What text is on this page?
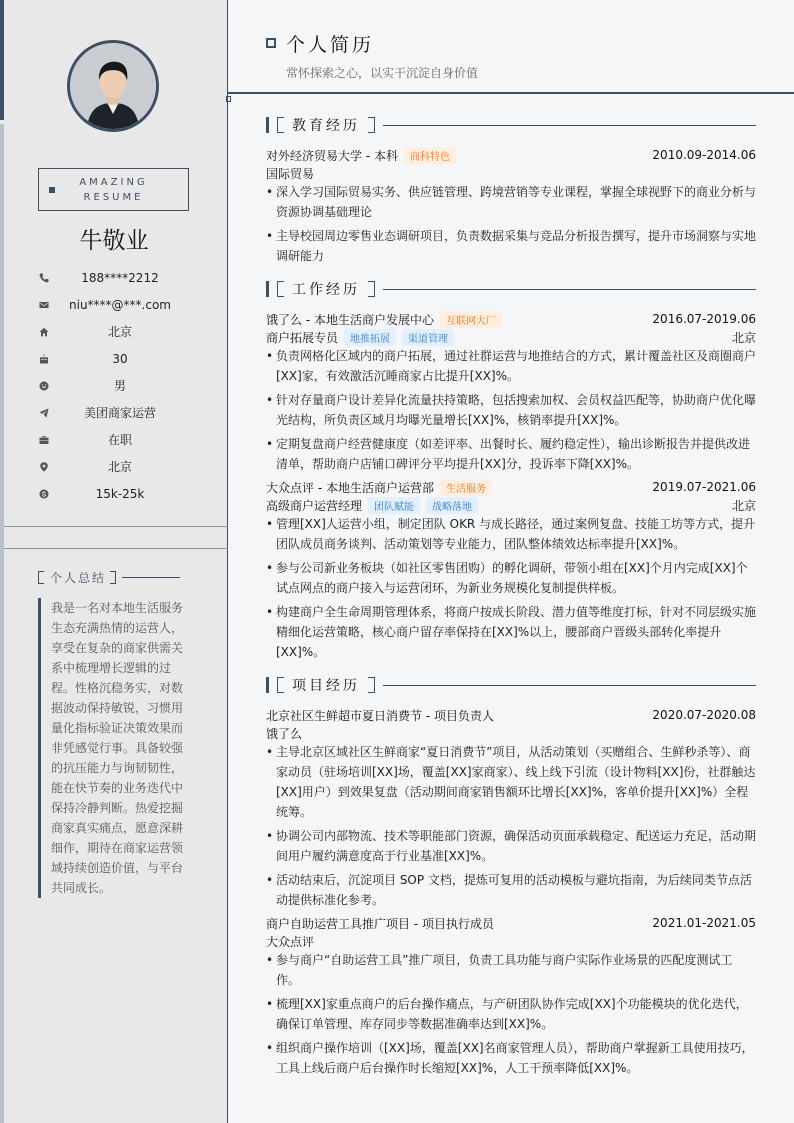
AMAZING
RESUME
牛敬业
188****2212
niu****@***.com
北京
30
男
美团商家运营
在职
北京
15k-25k
个人总结
我是一名对本地生活服务生态充满热情的运营人，享受在复杂的商家供需关系中梳理增长逻辑的过程。性格沉稳务实，对数据波动保持敏锐，习惯用量化指标验证决策效果而非凭感觉行事。具备较强的抗压能力与询韧韧性，能在快节奏的业务迭代中保持冷静判断。热爱挖掘商家真实痛点，愿意深耕细作，期待在商家运营领域持续创造价值，与平台共同成长。
个人简历
常怀探索之心，以实干沉淀自身价值
教育经历
对外经济贸易大学 - 本科	商科特色	2010.09-2014.06
国际贸易
• 深入学习国际贸易实务、供应链管理、跨境营销等专业课程，掌握全球视野下的商业分析与资源协调基础理论
• 主导校园周边零售业态调研项目，负责数据采集与竞品分析报告撰写，提升市场洞察与实地调研能力
工作经历
饿了么 - 本地生活商户发展中心	互联网大厂	2016.07-2019.06
商户拓展专员	地推拓展	渠道管理	北京
• 负责网格化区域内的商户拓展，通过社群运营与地推结合的方式，累计覆盖社区及商圈商户[XX]家，有效激活沉睡商家占比提升[XX]%。
• 针对存量商户设计差异化流量扶持策略，包括搜索加权、会员权益匹配等，协助商户优化曝光结构，所负责区域月均曝光量增长[XX]%，核销率提升[XX]%。
• 定期复盘商户经营健康度（如差评率、出餐时长、履约稳定性），输出诊断报告并提供改进清单，帮助商户店铺口碑评分平均提升[XX]分，投诉率下降[XX]%。
大众点评 - 本地生活商户运营部	生活服务	2019.07-2021.06
高级商户运营经理	团队赋能	战略落地	北京
• 管理[XX]人运营小组，制定团队 OKR 与成长路径，通过案例复盘、技能工坊等方式，提升团队成员商务谈判、活动策划等专业能力，团队整体绩效达标率提升[XX]%。
• 参与公司新业务板块（如社区零售团购）的孵化调研，带领小组在[XX]个月内完成[XX]个试点网点的商户接入与运营闭环，为新业务规模化复制提供样板。
• 构建商户全生命周期管理体系，将商户按成长阶段、潜力值等维度打标，针对不同层级实施精细化运营策略，核心商户留存率保持在[XX]%以上，腰部商户晋级头部转化率提升[XX]%。
项目经历
北京社区生鲜超市夏日消费节 - 项目负责人	2020.07-2020.08
饿了么
• 主导北京区域社区生鲜商家“夏日消费节”项目，从活动策划（买赠组合、生鲜秒杀等）、商家动员（驻场培训[XX]场，覆盖[XX]家商家）、线上线下引流（设计物料[XX]份，社群触达[XX]用户）到效果复盘（活动期间商家销售额环比增长[XX]%，客单价提升[XX]%）全程统筹。
• 协调公司内部物流、技术等职能部门资源，确保活动页面承载稳定、配送运力充足，活动期间用户履约满意度高于行业基准[XX]%。
• 活动结束后，沉淀项目 SOP 文档，提炼可复用的活动模板与避坑指南，为后续同类节点活动提供标准化参考。
商户自助运营工具推广项目 - 项目执行成员	2021.01-2021.05
大众点评
• 参与商户“自助运营工具”推广项目，负责工具功能与商户实际作业场景的匹配度测试工作。
• 梳理[XX]家重点商户的后台操作痛点，与产研团队协作完成[XX]个功能模块的优化迭代，确保订单管理、库存同步等数据准确率达到[XX]%。
• 组织商户操作培训（[XX]场，覆盖[XX]名商家管理人员），帮助商户掌握新工具使用技巧，工具上线后商户后台操作时长缩短[XX]%，人工干预率降低[XX]%。
